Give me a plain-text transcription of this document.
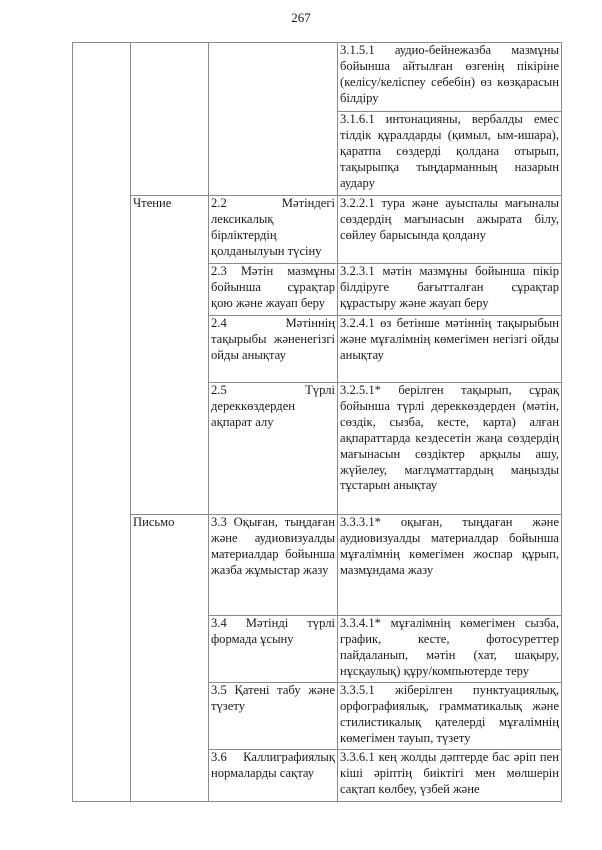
267
			3.1.5.1 аудио-бейнежазба мазмұны бойынша айтылған өзгенің пікіріне (келісу/келіспеу себебін) өз көзқарасын білдіру
			3.1.6.1 интонацияны, вербалды емес тілдік құралдарды (қимыл, ым-ишара), қаратпа сөздерді қолдана отырып, тақырыпқа тыңдарманның назарын аудару
	Чтение	2.2 Мәтіндегі лексикалық бірліктердің қолданылуын түсіну	3.2.2.1 тура және ауыспалы мағыналы сөздердің мағынасын ажырата білу, сөйлеу барысында қолдану
		2.3 Мәтін мазмұны бойынша сұрақтар қою және жауап беру	3.2.3.1 мәтін мазмұны бойынша пікір білдіруге бағытталған сұрақтар құрастыру және жауап беру
		2.4 Мәтіннің тақырыбы жәненегізгі ойды анықтау	3.2.4.1 өз бетінше мәтіннің тақырыбын және мұғалімнің көмегімен негізгі ойды анықтау
		2.5 Түрлі дереккөздерден ақпарат алу	3.2.5.1* берілген тақырып, сұрақ бойынша түрлі дереккөздерден (мәтін, сөздік, сызба, кесте, карта) алған ақпараттарда кездесетін жаңа сөздердің мағынасын сөздіктер арқылы ашу, жүйелеу, мағлұматтардың маңызды тұстарын анықтау
	Письмо	3.3 Оқыған, тыңдаған және аудиовизуалды материалдар бойынша жазба жұмыстар жазу	3.3.3.1* оқыған, тыңдаған және аудиовизуалды материалдар бойынша мұғалімнің көмегімен жоспар құрып, мазмұндама жазу
		3.4 Мәтінді түрлі формада ұсыну	3.3.4.1* мұғалімнің көмегімен сызба, график, кесте, фотосуреттер пайдаланып, мәтін (хат, шақыру, нұсқаулық) құру/компьютерде теру
		3.5 Қатені табу және түзету	3.3.5.1 жіберілген пунктуациялық, орфографиялық, грамматикалық және стилистикалық қателерді мұғалімнің көмегімен тауып, түзету
		3.6 Каллиграфиялық нормаларды сақтау	3.3.6.1 кең жолды дәптерде бас әріп пен кіші әріптің биіктігі мен мөлшерін сақтап көлбеу, үзбей және
